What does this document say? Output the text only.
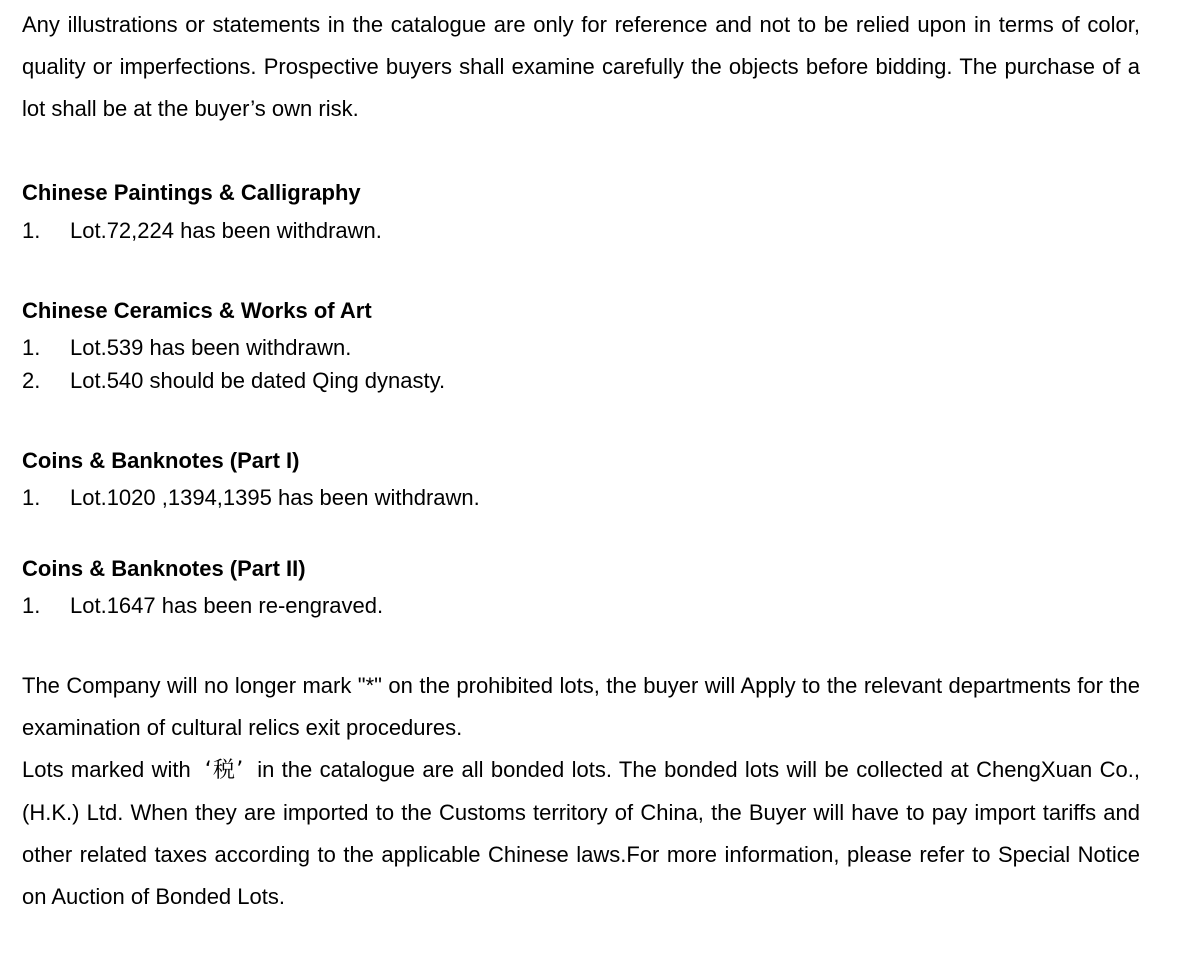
Any illustrations or statements in the catalogue are only for reference and not to be relied upon in terms of color, quality or imperfections. Prospective buyers shall examine carefully the objects before bidding. The purchase of a lot shall be at the buyer’s own risk.

Chinese Paintings & Calligraphy

1. Lot.72,224 has been withdrawn.

Chinese Ceramics & Works of Art

1. Lot.539 has been withdrawn.

2. Lot.540 should be dated Qing dynasty.

Coins & Banknotes (Part I)

1. Lot.1020 ,1394,1395 has been withdrawn.

Coins & Banknotes (Part II)

1. Lot.1647 has been re-engraved.

The Company will no longer mark "*" on the prohibited lots, the buyer will Apply to the relevant departments for the examination of cultural relics exit procedures.

Lots marked with ‘税’ in the catalogue are all bonded lots. The bonded lots will be collected at ChengXuan Co., (H.K.) Ltd. When they are imported to the Customs territory of China, the Buyer will have to pay import tariffs and other related taxes according to the applicable Chinese laws.For more information, please refer to Special Notice on Auction of Bonded Lots.
